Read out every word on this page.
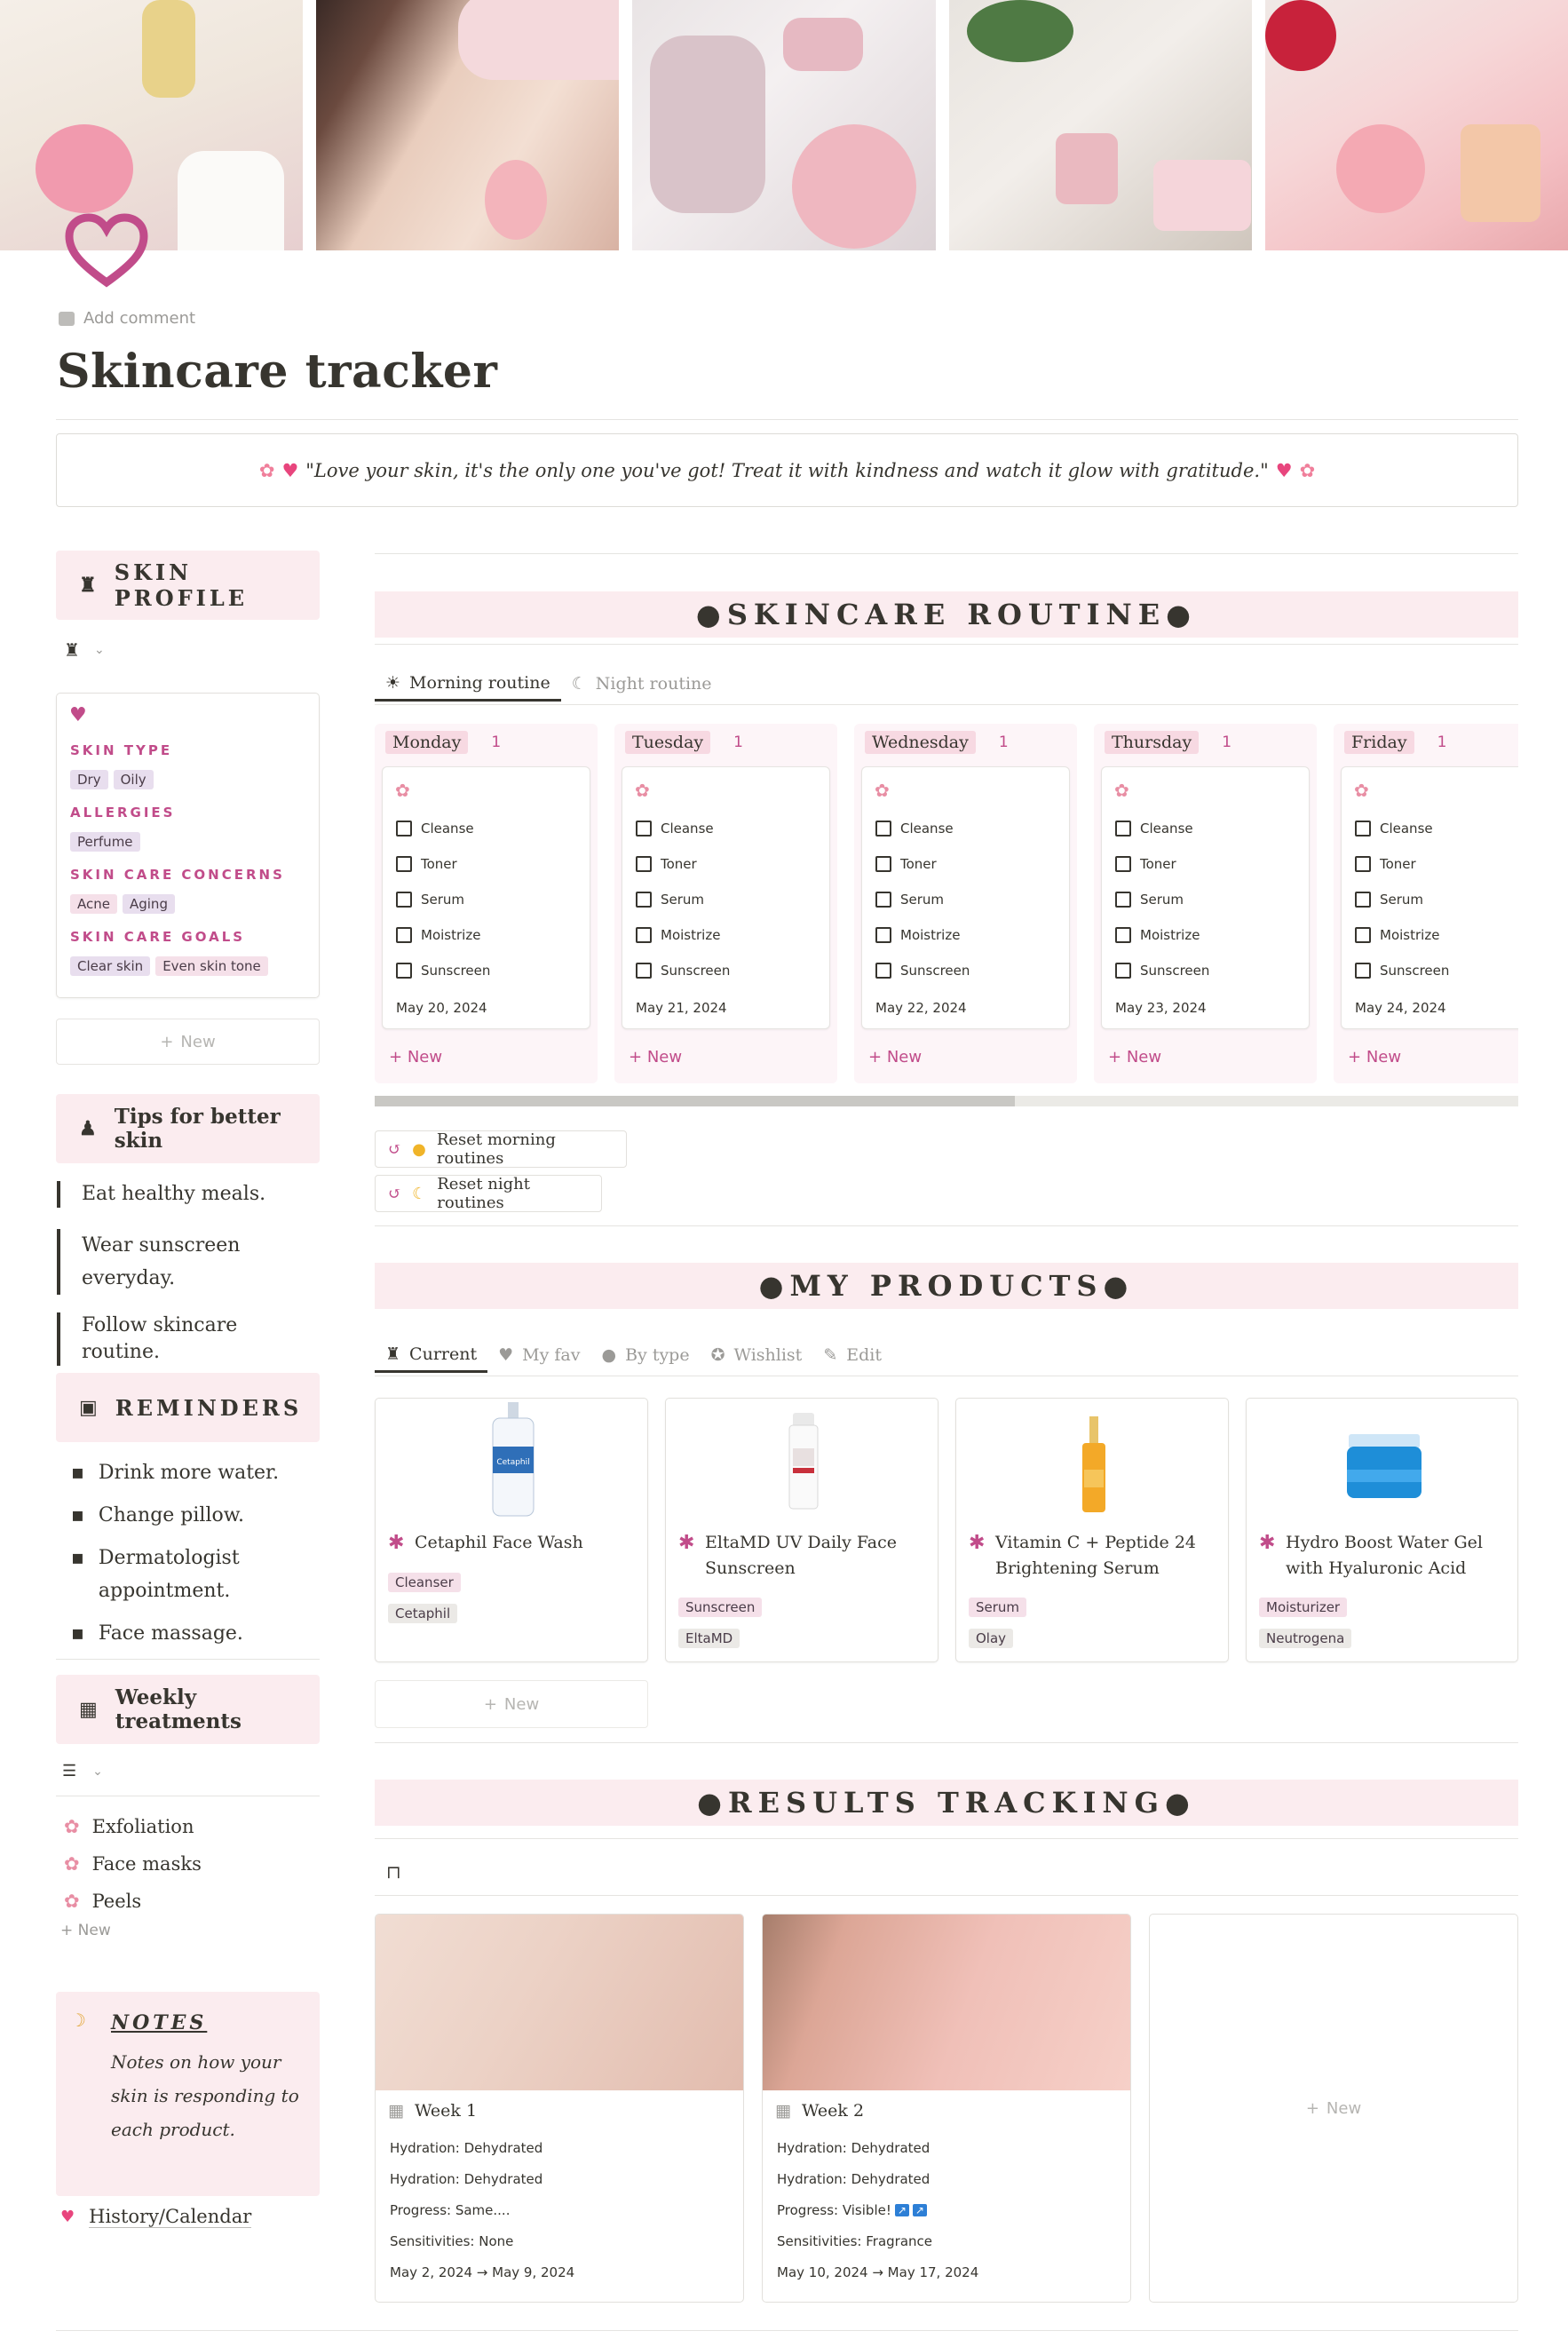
Add comment
Skincare tracker
✿ ♥ "Love your skin, it's the only one you've got! Treat it with kindness and watch it glow with gratitude." ♥ ✿
♜ SKIN PROFILE
♜ ⌄
♥
SKIN TYPE
Dry Oily
ALLERGIES
Perfume
SKIN CARE CONCERNS
Acne Aging
SKIN CARE GOALS
Clear skin Even skin tone
+ New
♟ Tips for better skin
Eat healthy meals.
Wear sunscreen everyday.
Follow skincare routine.
▣ REMINDERS
▪ Drink more water.
▪ Change pillow.
▪ Dermatologist appointment.
▪ Face massage.
▦ Weekly treatments
☰ ⌄
✿ Exfoliation
✿ Face masks
✿ Peels
+ New
☽ NOTES
Notes on how your skin is responding to each product.
♥ History/Calendar
●SKINCARE ROUTINE●
☀ Morning routine ☾ Night routine
Monday	1
✿
Cleanse
Toner
Serum
Moistrize
Sunscreen
May 20, 2024
+ New
Tuesday	1
✿
Cleanse
Toner
Serum
Moistrize
Sunscreen
May 21, 2024
+ New
Wednesday	1
✿
Cleanse
Toner
Serum
Moistrize
Sunscreen
May 22, 2024
+ New
Thursday	1
✿
Cleanse
Toner
Serum
Moistrize
Sunscreen
May 23, 2024
+ New
Friday	1
✿
Cleanse
Toner
Serum
Moistrize
Sunscreen
May 24, 2024
+ New
↺ ● Reset morning routines
↺ ☾ Reset night routines
●MY PRODUCTS●
♜ Current ♥ My fav ● By type ✪ Wishlist ✎ Edit
Cetaphil
✱ Cetaphil Face Wash
Cleanser
Cetaphil
✱ EltaMD UV Daily Face Sunscreen
Sunscreen
EltaMD
✱ Vitamin C + Peptide 24 Brightening Serum
Serum
Olay
✱ Hydro Boost Water Gel with Hyaluronic Acid
Moisturizer
Neutrogena
+ New
●RESULTS TRACKING●
⊓
▦ Week 1
Hydration: Dehydrated
Hydration: Dehydrated
Progress: Same....
Sensitivities: None
May 2, 2024 → May 9, 2024
▦ Week 2
Hydration: Dehydrated
Hydration: Dehydrated
Progress: Visible! ↗ ↗
Sensitivities: Fragrance
May 10, 2024 → May 17, 2024
+ New
